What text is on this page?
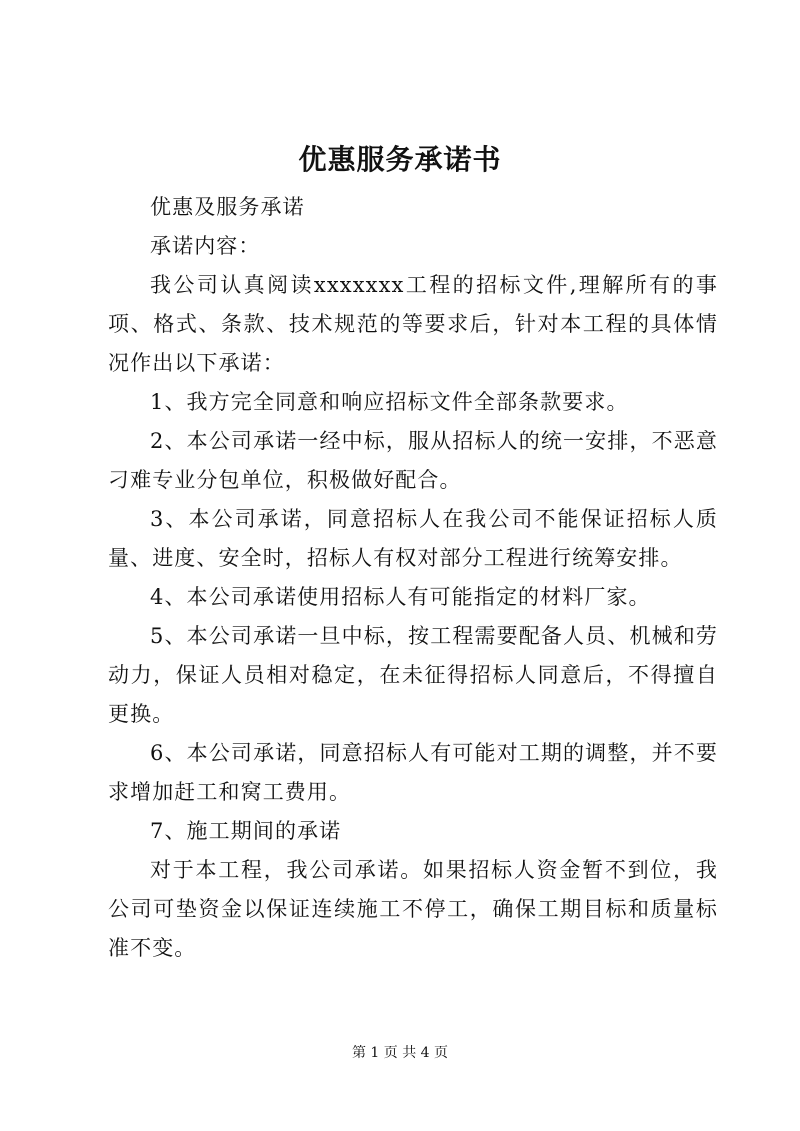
优惠服务承诺书

优惠及服务承诺

承诺内容：

我公司认真阅读xxxxxxx工程的招标文件,理解所有的事项、格式、条款、技术规范的等要求后，针对本工程的具体情况作出以下承诺：

1、我方完全同意和响应招标文件全部条款要求。

2、本公司承诺一经中标，服从招标人的统一安排，不恶意刁难专业分包单位，积极做好配合。

3、本公司承诺，同意招标人在我公司不能保证招标人质量、进度、安全时，招标人有权对部分工程进行统筹安排。

4、本公司承诺使用招标人有可能指定的材料厂家。

5、本公司承诺一旦中标，按工程需要配备人员、机械和劳动力，保证人员相对稳定，在未征得招标人同意后，不得擅自更换。

6、本公司承诺，同意招标人有可能对工期的调整，并不要求增加赶工和窝工费用。

7、施工期间的承诺

对于本工程，我公司承诺。如果招标人资金暂不到位，我公司可垫资金以保证连续施工不停工，确保工期目标和质量标准不变。

第 1 页 共 4 页
